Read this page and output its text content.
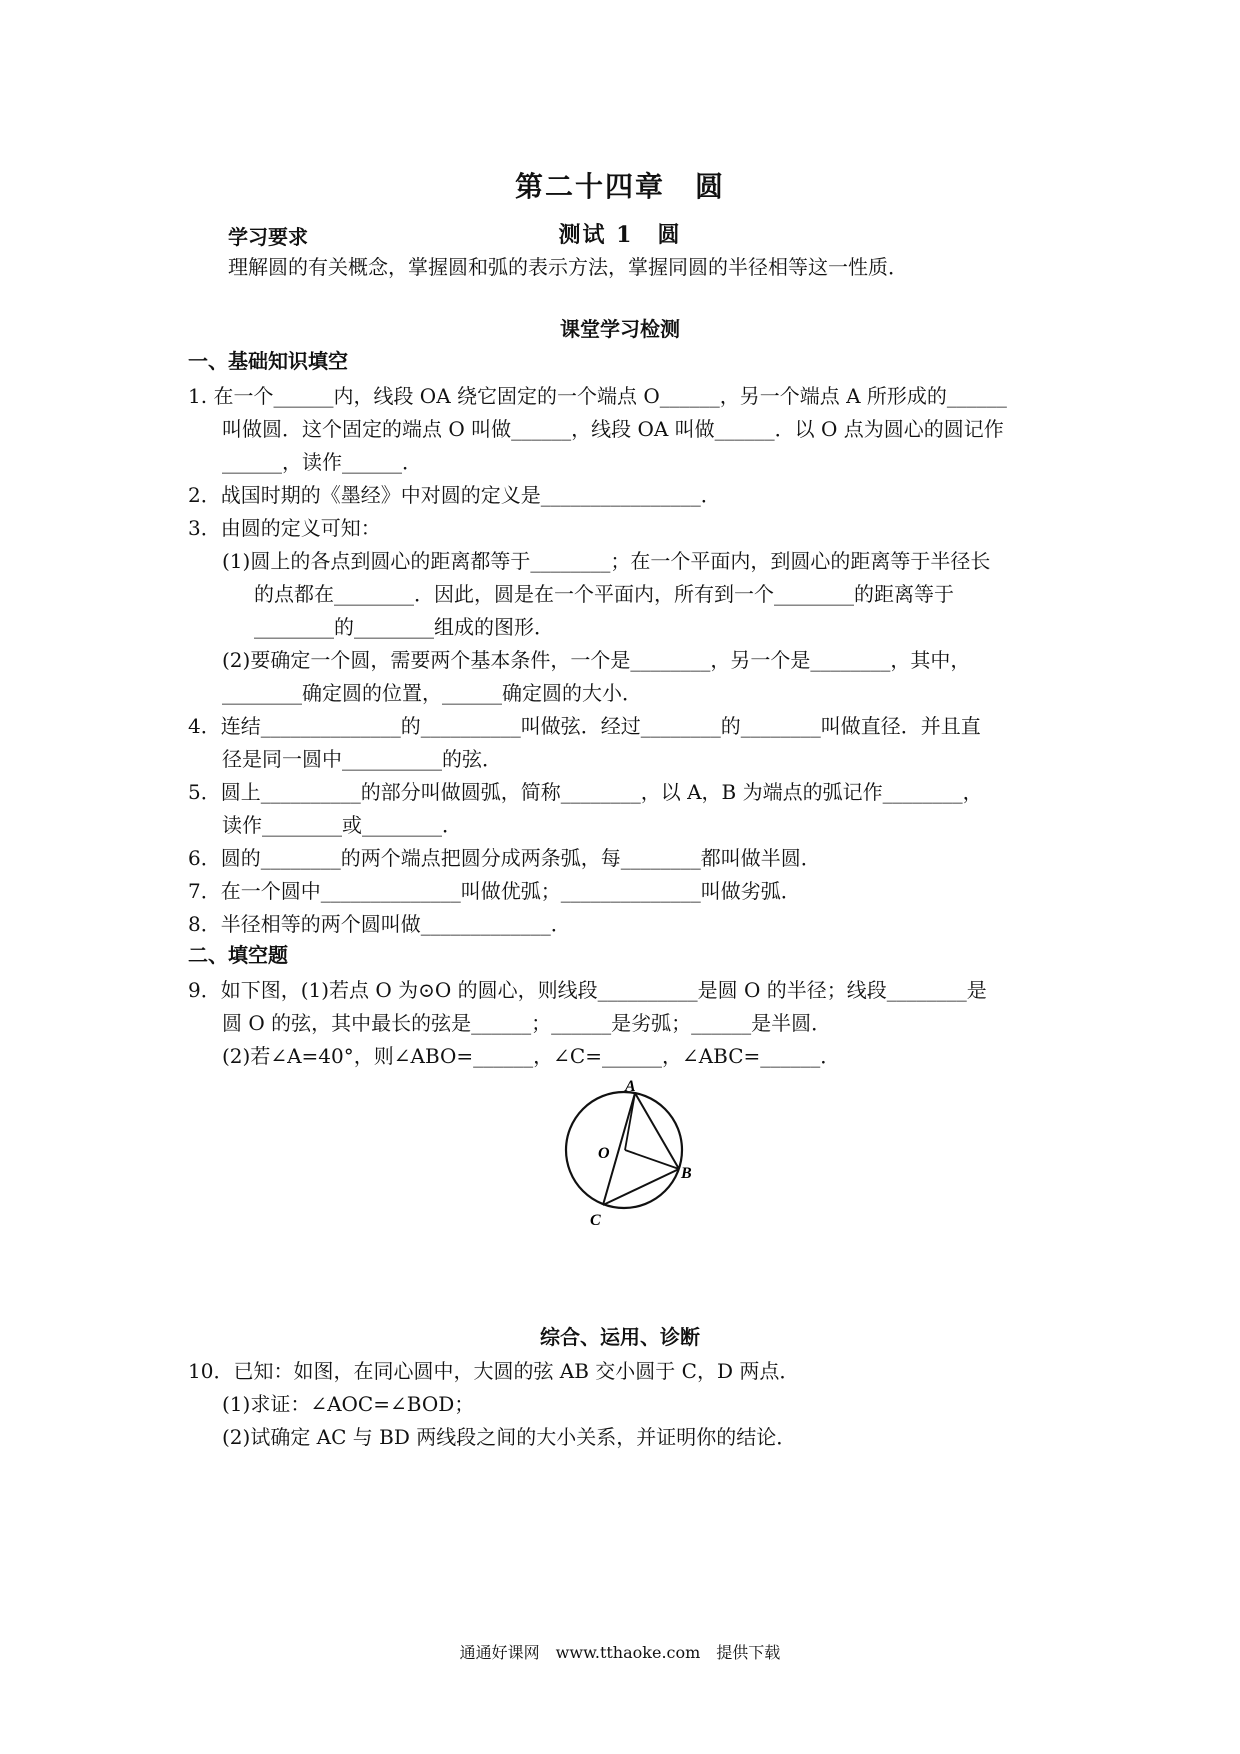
第二十四章　圆
测试 1　圆
学习要求
理解圆的有关概念，掌握圆和弧的表示方法，掌握同圆的半径相等这一性质．
课堂学习检测
一、基础知识填空
1. 在一个______内，线段 OA 绕它固定的一个端点 O______，另一个端点 A 所形成的______
叫做圆．这个固定的端点 O 叫做______，线段 OA 叫做______．以 O 点为圆心的圆记作
______，读作______．
2．战国时期的《墨经》中对圆的定义是________________．
3．由圆的定义可知：
(1)圆上的各点到圆心的距离都等于________；在一个平面内，到圆心的距离等于半径长
的点都在________．因此，圆是在一个平面内，所有到一个________的距离等于
________的________组成的图形．
(2)要确定一个圆，需要两个基本条件，一个是________，另一个是________，其中，
________确定圆的位置，______确定圆的大小．
4．连结______________的__________叫做弦．经过________的________叫做直径．并且直
径是同一圆中__________的弦．
5．圆上__________的部分叫做圆弧，简称________，以 A，B 为端点的弧记作________，
读作________或________．
6．圆的________的两个端点把圆分成两条弧，每________都叫做半圆．
7．在一个圆中______________叫做优弧；______________叫做劣弧．
8．半径相等的两个圆叫做_____________．
二、填空题
9．如下图，(1)若点 O 为⊙O 的圆心，则线段__________是圆 O 的半径；线段________是
圆 O 的弦，其中最长的弦是______；______是劣弧；______是半圆．
(2)若∠A=40°，则∠ABO=______，∠C=______，∠ABC=______．
A
O
B
C
综合、运用、诊断
10．已知：如图，在同心圆中，大圆的弦 AB 交小圆于 C，D 两点．
(1)求证：∠AOC=∠BOD；
(2)试确定 AC 与 BD 两线段之间的大小关系，并证明你的结论．
通通好课网　www.tthaoke.com　提供下载
